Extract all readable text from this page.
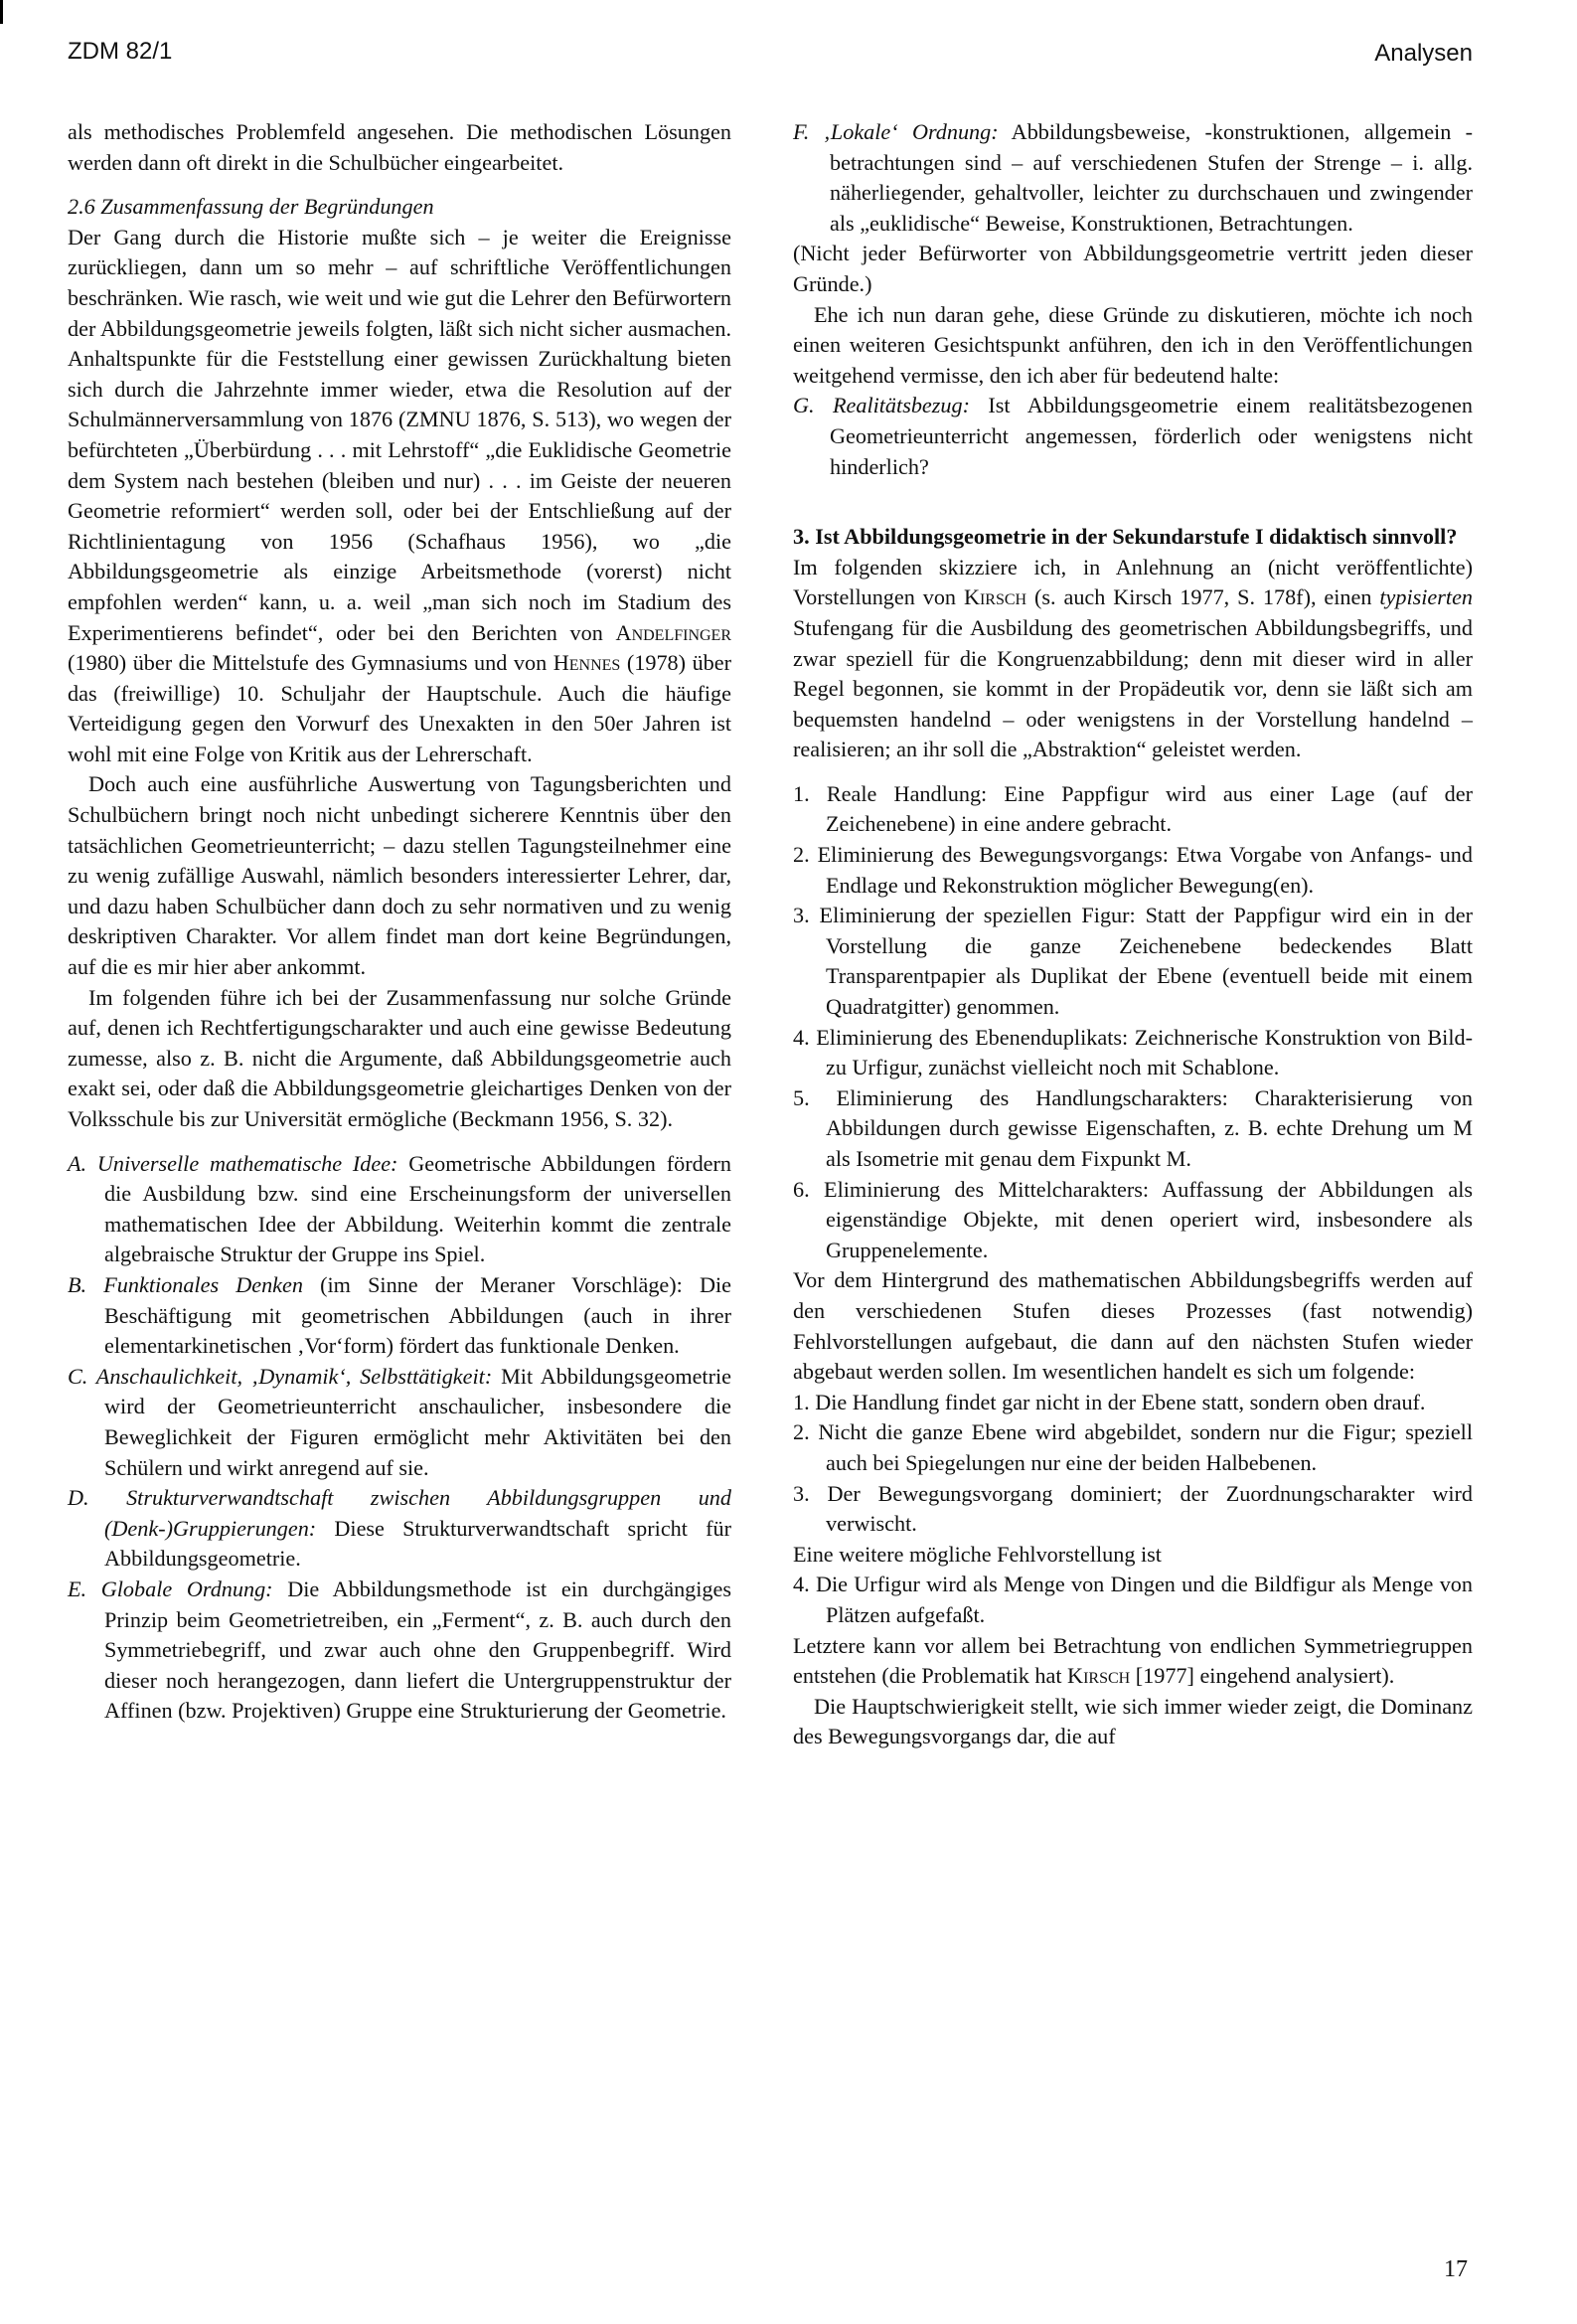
ZDM 82/1	Analysen

als methodisches Problemfeld angesehen. Die methodischen Lösungen werden dann oft direkt in die Schulbücher eingearbeitet.

2.6 Zusammenfassung der Begründungen

Der Gang durch die Historie mußte sich – je weiter die Ereignisse zurückliegen, dann um so mehr – auf schriftliche Veröffentlichungen beschränken. Wie rasch, wie weit und wie gut die Lehrer den Befürwortern der Abbildungsgeometrie jeweils folgten, läßt sich nicht sicher ausmachen. Anhaltspunkte für die Feststellung einer gewissen Zurückhaltung bieten sich durch die Jahrzehnte immer wieder, etwa die Resolution auf der Schulmännerversammlung von 1876 (ZMNU 1876, S. 513), wo wegen der befürchteten „Überbürdung . . . mit Lehrstoff“ „die Euklidische Geometrie dem System nach bestehen (bleiben und nur) . . . im Geiste der neueren Geometrie reformiert“ werden soll, oder bei der Entschließung auf der Richtlinientagung von 1956 (Schafhaus 1956), wo „die Abbildungsgeometrie als einzige Arbeitsmethode (vorerst) nicht empfohlen werden“ kann, u. a. weil „man sich noch im Stadium des Experimentierens befindet“, oder bei den Berichten von Andelfinger (1980) über die Mittelstufe des Gymnasiums und von Hennes (1978) über das (freiwillige) 10. Schuljahr der Hauptschule. Auch die häufige Verteidigung gegen den Vorwurf des Unexakten in den 50er Jahren ist wohl mit eine Folge von Kritik aus der Lehrerschaft.

Doch auch eine ausführliche Auswertung von Tagungsberichten und Schulbüchern bringt noch nicht unbedingt sicherere Kenntnis über den tatsächlichen Geometrieunterricht; – dazu stellen Tagungsteilnehmer eine zu wenig zufällige Auswahl, nämlich besonders interessierter Lehrer, dar, und dazu haben Schulbücher dann doch zu sehr normativen und zu wenig deskriptiven Charakter. Vor allem findet man dort keine Begründungen, auf die es mir hier aber ankommt.

Im folgenden führe ich bei der Zusammenfassung nur solche Gründe auf, denen ich Rechtfertigungscharakter und auch eine gewisse Bedeutung zumesse, also z. B. nicht die Argumente, daß Abbildungsgeometrie auch exakt sei, oder daß die Abbildungsgeometrie gleichartiges Denken von der Volksschule bis zur Universität ermögliche (Beckmann 1956, S. 32).

A. Universelle mathematische Idee: Geometrische Abbildungen fördern die Ausbildung bzw. sind eine Erscheinungsform der universellen mathematischen Idee der Abbildung. Weiterhin kommt die zentrale algebraische Struktur der Gruppe ins Spiel.

B. Funktionales Denken (im Sinne der Meraner Vorschläge): Die Beschäftigung mit geometrischen Abbildungen (auch in ihrer elementarkinetischen ‚Vor‘form) fördert das funktionale Denken.

C. Anschaulichkeit, ‚Dynamik‘, Selbsttätigkeit: Mit Abbildungsgeometrie wird der Geometrieunterricht anschaulicher, insbesondere die Beweglichkeit der Figuren ermöglicht mehr Aktivitäten bei den Schülern und wirkt anregend auf sie.

D. Strukturverwandtschaft zwischen Abbildungsgruppen und (Denk-)Gruppierungen: Diese Strukturverwandtschaft spricht für Abbildungsgeometrie.

E. Globale Ordnung: Die Abbildungsmethode ist ein durchgängiges Prinzip beim Geometrietreiben, ein „Ferment“, z. B. auch durch den Symmetriebegriff, und zwar auch ohne den Gruppenbegriff. Wird dieser noch herangezogen, dann liefert die Untergruppenstruktur der Affinen (bzw. Projektiven) Gruppe eine Strukturierung der Geometrie.

F. ‚Lokale‘ Ordnung: Abbildungsbeweise, -konstruktionen, allgemein -betrachtungen sind – auf verschiedenen Stufen der Strenge – i. allg. näherliegender, gehaltvoller, leichter zu durchschauen und zwingender als „euklidische“ Beweise, Konstruktionen, Betrachtungen.

(Nicht jeder Befürworter von Abbildungsgeometrie vertritt jeden dieser Gründe.)

Ehe ich nun daran gehe, diese Gründe zu diskutieren, möchte ich noch einen weiteren Gesichtspunkt anführen, den ich in den Veröffentlichungen weitgehend vermisse, den ich aber für bedeutend halte:

G. Realitätsbezug: Ist Abbildungsgeometrie einem realitätsbezogenen Geometrieunterricht angemessen, förderlich oder wenigstens nicht hinderlich?

3. Ist Abbildungsgeometrie in der Sekundarstufe I didaktisch sinnvoll?

Im folgenden skizziere ich, in Anlehnung an (nicht veröffentlichte) Vorstellungen von Kirsch (s. auch Kirsch 1977, S. 178f), einen typisierten Stufengang für die Ausbildung des geometrischen Abbildungsbegriffs, und zwar speziell für die Kongruenzabbildung; denn mit dieser wird in aller Regel begonnen, sie kommt in der Propädeutik vor, denn sie läßt sich am bequemsten handelnd – oder wenigstens in der Vorstellung handelnd – realisieren; an ihr soll die „Abstraktion“ geleistet werden.

1. Reale Handlung: Eine Pappfigur wird aus einer Lage (auf der Zeichenebene) in eine andere gebracht.

2. Eliminierung des Bewegungsvorgangs: Etwa Vorgabe von Anfangs- und Endlage und Rekonstruktion möglicher Bewegung(en).

3. Eliminierung der speziellen Figur: Statt der Pappfigur wird ein in der Vorstellung die ganze Zeichenebene bedeckendes Blatt Transparentpapier als Duplikat der Ebene (eventuell beide mit einem Quadratgitter) genommen.

4. Eliminierung des Ebenenduplikats: Zeichnerische Konstruktion von Bild- zu Urfigur, zunächst vielleicht noch mit Schablone.

5. Eliminierung des Handlungscharakters: Charakterisierung von Abbildungen durch gewisse Eigenschaften, z. B. echte Drehung um M als Isometrie mit genau dem Fixpunkt M.

6. Eliminierung des Mittelcharakters: Auffassung der Abbildungen als eigenständige Objekte, mit denen operiert wird, insbesondere als Gruppenelemente.

Vor dem Hintergrund des mathematischen Abbildungsbegriffs werden auf den verschiedenen Stufen dieses Prozesses (fast notwendig) Fehlvorstellungen aufgebaut, die dann auf den nächsten Stufen wieder abgebaut werden sollen. Im wesentlichen handelt es sich um folgende:

1. Die Handlung findet gar nicht in der Ebene statt, sondern oben drauf.

2. Nicht die ganze Ebene wird abgebildet, sondern nur die Figur; speziell auch bei Spiegelungen nur eine der beiden Halbebenen.

3. Der Bewegungsvorgang dominiert; der Zuordnungscharakter wird verwischt.

Eine weitere mögliche Fehlvorstellung ist

4. Die Urfigur wird als Menge von Dingen und die Bildfigur als Menge von Plätzen aufgefaßt.

Letztere kann vor allem bei Betrachtung von endlichen Symmetriegruppen entstehen (die Problematik hat Kirsch [1977] eingehend analysiert).

Die Hauptschwierigkeit stellt, wie sich immer wieder zeigt, die Dominanz des Bewegungsvorgangs dar, die auf

17
